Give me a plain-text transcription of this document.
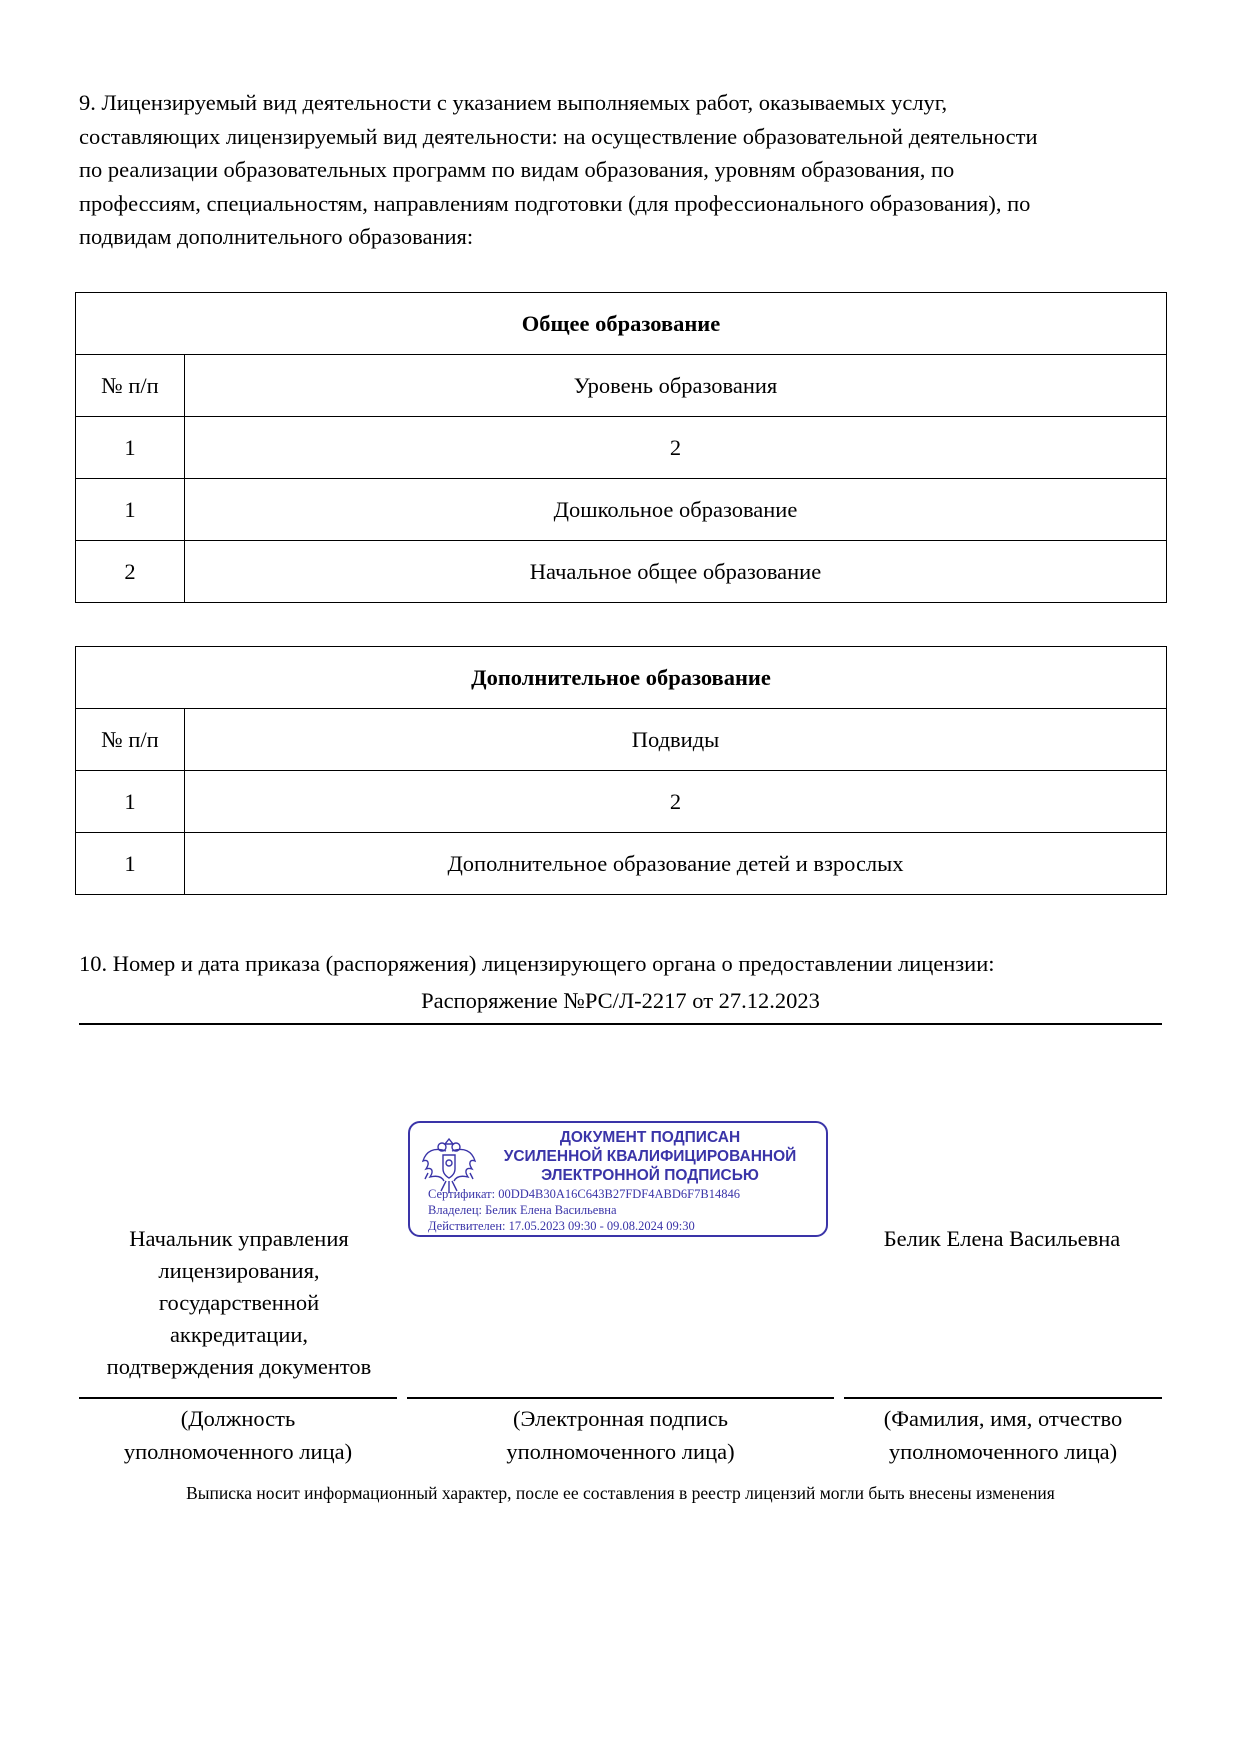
9. Лицензируемый вид деятельности с указанием выполняемых работ, оказываемых услуг,

составляющих лицензируемый вид деятельности: на осуществление образовательной деятельности

по реализации образовательных программ по видам образования, уровням образования, по

профессиям, специальностям, направлениям подготовки (для профессионального образования), по

подвидам дополнительного образования:

Общее образование	
№ п/п	Уровень образования
1	2
1	Дошкольное образование
2	Начальное общее образование
Дополнительное образование	
№ п/п	Подвиды
1	2
1	Дополнительное образование детей и взрослых
10. Номер и дата приказа (распоряжения) лицензирующего органа о предоставлении лицензии:
Распоряжение №РС/Л-2217 от 27.12.2023
ДОКУМЕНТ ПОДПИСАН
УСИЛЕННОЙ КВАЛИФИЦИРОВАННОЙ
ЭЛЕКТРОННОЙ ПОДПИСЬЮ
Сертификат: 00DD4B30A16C643B27FDF4ABD6F7B14846
Владелец: Белик Елена Васильевна
Действителен: 17.05.2023 09:30 - 09.08.2024 09:30
Начальник управления
лицензирования,
государственной
аккредитации,
подтверждения документов
Белик Елена Васильевна
(Должность
уполномоченного лица)
(Электронная подпись
уполномоченного лица)
(Фамилия, имя, отчество
уполномоченного лица)
Выписка носит информационный характер, после ее составления в реестр лицензий могли быть внесены изменения
